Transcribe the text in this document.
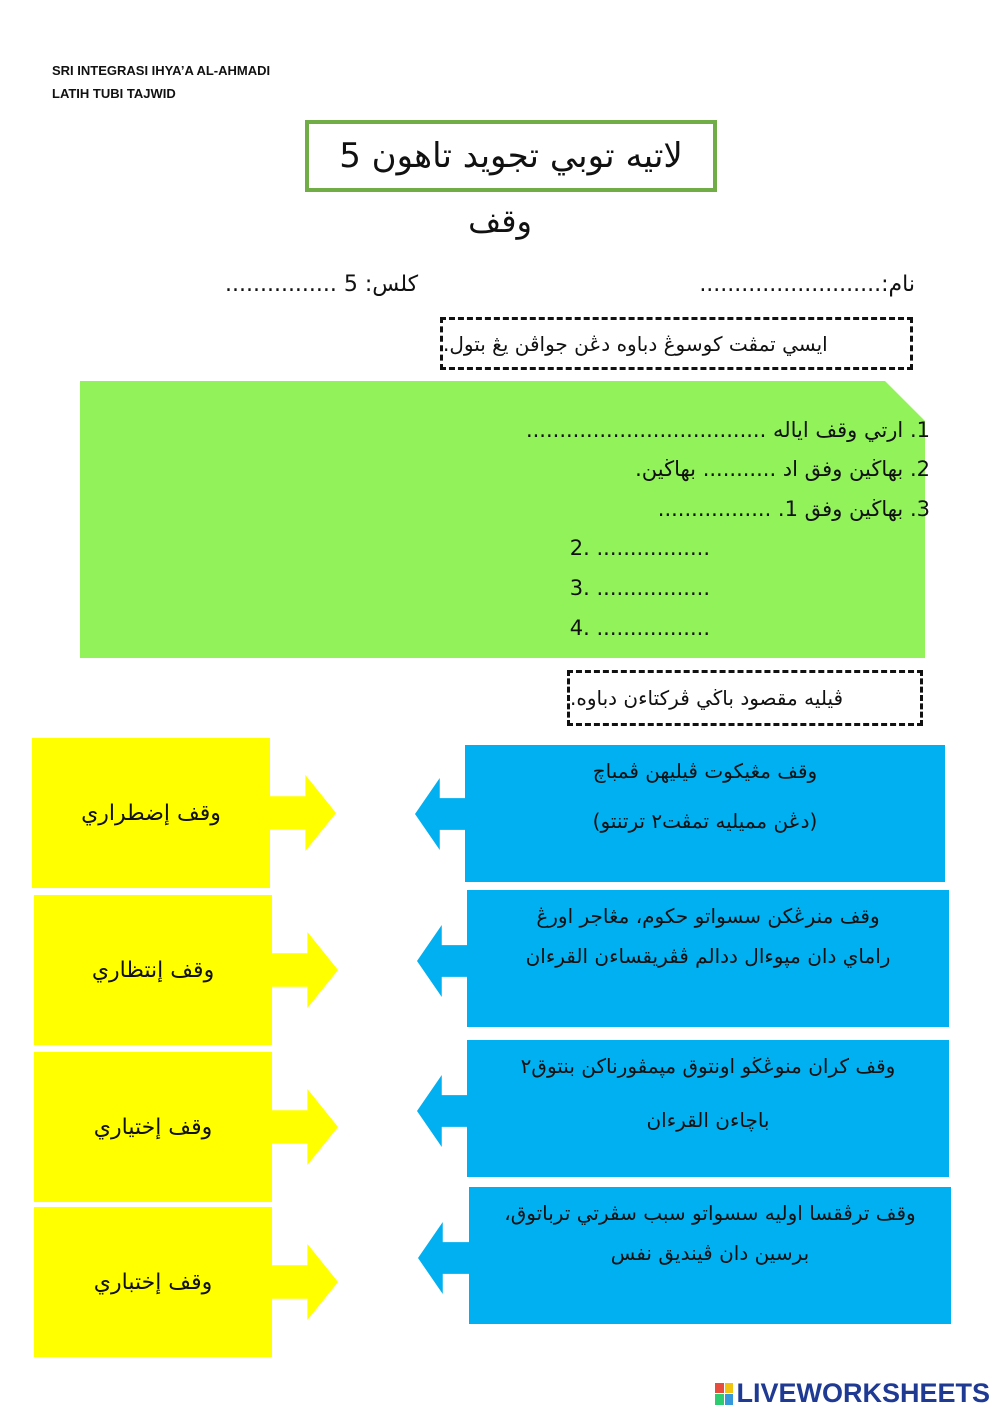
SRI INTEGRASI IHYA’A AL-AHMADI
LATIH TUBI TAJWID
لاتيه توبي تجويد تاهون 5
وقف
نام:..........................
كلس: 5 ................
ايسي تمڤت كوسوڠ دباوه دڠن جواڤن يڠ بتول.
1. ارتي وقف اياله ....................................
2. بهاڬين وفق اد ........... بهاڬين.
3. بهاڬين وفق 1. .................
2. .................
3. .................
4. .................
ڤيليه مقصود باڬي ڤركتاءن دباوه.
وقف إضطراري
وقف إنتظاري
وقف إختياري
وقف إختباري
وقف مڠيكوت ڤيليهن ڤمباچ
(دڠن مميليه تمڤت٢ ترتنتو)
وقف منرڠكن سسواتو حكوم، مڠاجر اورڠ
راماي دان مپوءال ددالم ڤڤريقساءن القرءان
وقف كران منوڠڬو اونتوق مپمڤورناكن بنتوق٢
باچاءن القرءان
وقف ترڤقسا اوليه سسواتو سبب سڤرتي ترباتوق،
برسين دان ڤينديق نفس
LIVEWORKSHEETS
